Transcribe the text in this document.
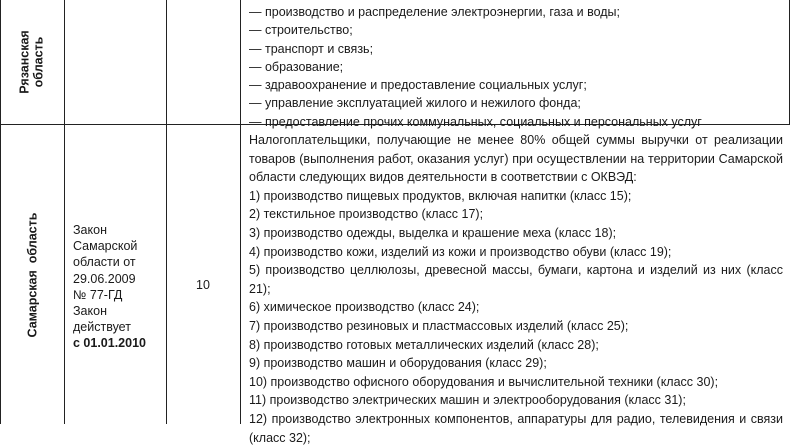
Рязанская область
— производство и распределение электроэнергии, газа и воды;
— строительство;
— транспорт и связь;
— образование;
— здравоохранение и предоставление социальных услуг;
— управление эксплуатацией жилого и нежилого фонда;
— предоставление прочих коммунальных, социальных и персональных услуг
Самарская  область	Закон
Самарской
области от
29.06.2009
№ 77-ГД
Закон
действует
с 01.01.2010
10
Налогоплательщики, получающие не менее 80% общей суммы выручки от реализации товаров (выполнения работ, оказания услуг) при осуществлении на территории Самарской области следующих видов деятельности в соответствии с ОКВЭД:
1) производство пищевых продуктов, включая напитки (класс 15);
2) текстильное производство (класс 17);
3) производство одежды, выделка и крашение меха (класс 18);
4) производство кожи, изделий из кожи и производство обуви (класс 19);
5) производство целлюлозы, древесной массы, бумаги, картона и изделий из них (класс 21);
6) химическое производство (класс 24);
7) производство резиновых и пластмассовых изделий (класс 25);
8) производство готовых металлических изделий (класс 28);
9) производство машин и оборудования (класс 29);
10) производство офисного оборудования и вычислительной техники (класс 30);
11) производство электрических машин и электрооборудования (класс 31);
12) производство электронных компонентов, аппаратуры для радио, телевидения и связи (класс 32);
